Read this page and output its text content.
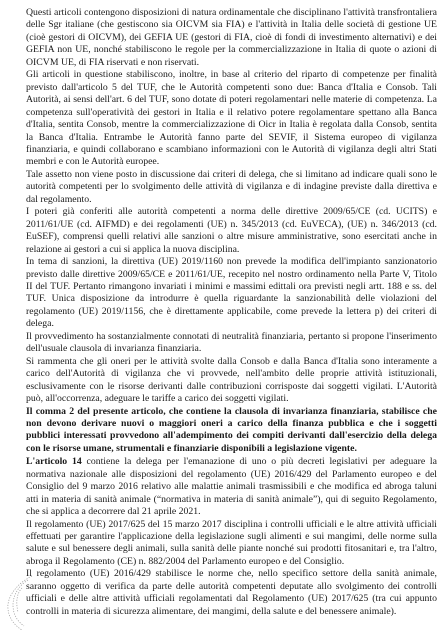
Questi articoli contengono disposizioni di natura ordinamentale che disciplinano l'attività transfrontaliera delle Sgr italiane (che gestiscono sia OICVM sia FIA) e l'attività in Italia delle società di gestione UE (cioè gestori di OICVM), dei GEFIA UE (gestori di FIA, cioè di fondi di investimento alternativi) e dei GEFIA non UE, nonché stabiliscono le regole per la commercializzazione in Italia di quote o azioni di OICVM UE, di FIA riservati e non riservati.

Gli articoli in questione stabiliscono, inoltre, in base al criterio del riparto di competenze per finalità previsto dall'articolo 5 del TUF, che le Autorità competenti sono due: Banca d'Italia e Consob. Tali Autorità, ai sensi dell'art. 6 del TUF, sono dotate di poteri regolamentari nelle materie di competenza. La competenza sull'operatività dei gestori in Italia e il relativo potere regolamentare spettano alla Banca d'Italia, sentita Consob, mentre la commercializzazione di Oicr in Italia è regolata dalla Consob, sentita la Banca d'Italia. Entrambe le Autorità fanno parte del SEVIF, il Sistema europeo di vigilanza finanziaria, e quindi collaborano e scambiano informazioni con le Autorità di vigilanza degli altri Stati membri e con le Autorità europee.

Tale assetto non viene posto in discussione dai criteri di delega, che si limitano ad indicare quali sono le autorità competenti per lo svolgimento delle attività di vigilanza e di indagine previste dalla direttiva e dal regolamento.

I poteri già conferiti alle autorità competenti a norma delle direttive 2009/65/CE (cd. UCITS) e 2011/61/UE (cd. AIFMD) e dei regolamenti (UE) n. 345/2013 (cd. EuVECA), (UE) n. 346/2013 (cd. EuSEF), comprensi quelli relativi alle sanzioni o altre misure amministrative, sono esercitati anche in relazione ai gestori a cui si applica la nuova disciplina.

In tema di sanzioni, la direttiva (UE) 2019/1160 non prevede la modifica dell'impianto sanzionatorio previsto dalle direttive 2009/65/CE e 2011/61/UE, recepito nel nostro ordinamento nella Parte V, Titolo II del TUF. Pertanto rimangono invariati i minimi e massimi edittali ora previsti negli artt. 188 e ss. del TUF. Unica disposizione da introdurre è quella riguardante la sanzionabilità delle violazioni del regolamento (UE) 2019/1156, che è direttamente applicabile, come prevede la lettera p) dei criteri di delega.

Il provvedimento ha sostanzialmente connotati di neutralità finanziaria, pertanto si propone l'inserimento dell'usuale clausola di invarianza finanziaria.

Si rammenta che gli oneri per le attività svolte dalla Consob e dalla Banca d'Italia sono interamente a carico dell'Autorità di vigilanza che vi provvede, nell'ambito delle proprie attività istituzionali, esclusivamente con le risorse derivanti dalle contribuzioni corrisposte dai soggetti vigilati. L'Autorità può, all'occorrenza, adeguare le tariffe a carico dei soggetti vigilati.

Il comma 2 del presente articolo, che contiene la clausola di invarianza finanziaria, stabilisce che non devono derivare nuovi o maggiori oneri a carico della finanza pubblica e che i soggetti pubblici interessati provvedono all'adempimento dei compiti derivanti dall'esercizio della delega con le risorse umane, strumentali e finanziarie disponibili a legislazione vigente.

L'articolo 14 contiene la delega per l'emanazione di uno o più decreti legislativi per adeguare la normativa nazionale alle disposizioni del regolamento (UE) 2016/429 del Parlamento europeo e del Consiglio del 9 marzo 2016 relativo alle malattie animali trasmissibili e che modifica ed abroga taluni atti in materia di sanità animale (“normativa in materia di sanità animale”), qui di seguito Regolamento, che si applica a decorrere dal 21 aprile 2021.

Il regolamento (UE) 2017/625 del 15 marzo 2017 disciplina i controlli ufficiali e le altre attività ufficiali effettuati per garantire l'applicazione della legislazione sugli alimenti e sui mangimi, delle norme sulla salute e sul benessere degli animali, sulla sanità delle piante nonché sui prodotti fitosanitari e, tra l'altro, abroga il Regolamento (CE) n. 882/2004 del Parlamento europeo e del Consiglio.

Il regolamento (UE) 2016/429 stabilisce le norme che, nello specifico settore della sanità animale, saranno oggetto di verifica da parte delle autorità competenti deputate allo svolgimento dei controlli ufficiali e delle altre attività ufficiali regolamentati dal Regolamento (UE) 2017/625 (tra cui appunto controlli in materia di sicurezza alimentare, dei mangimi, della salute e del benessere animale).
